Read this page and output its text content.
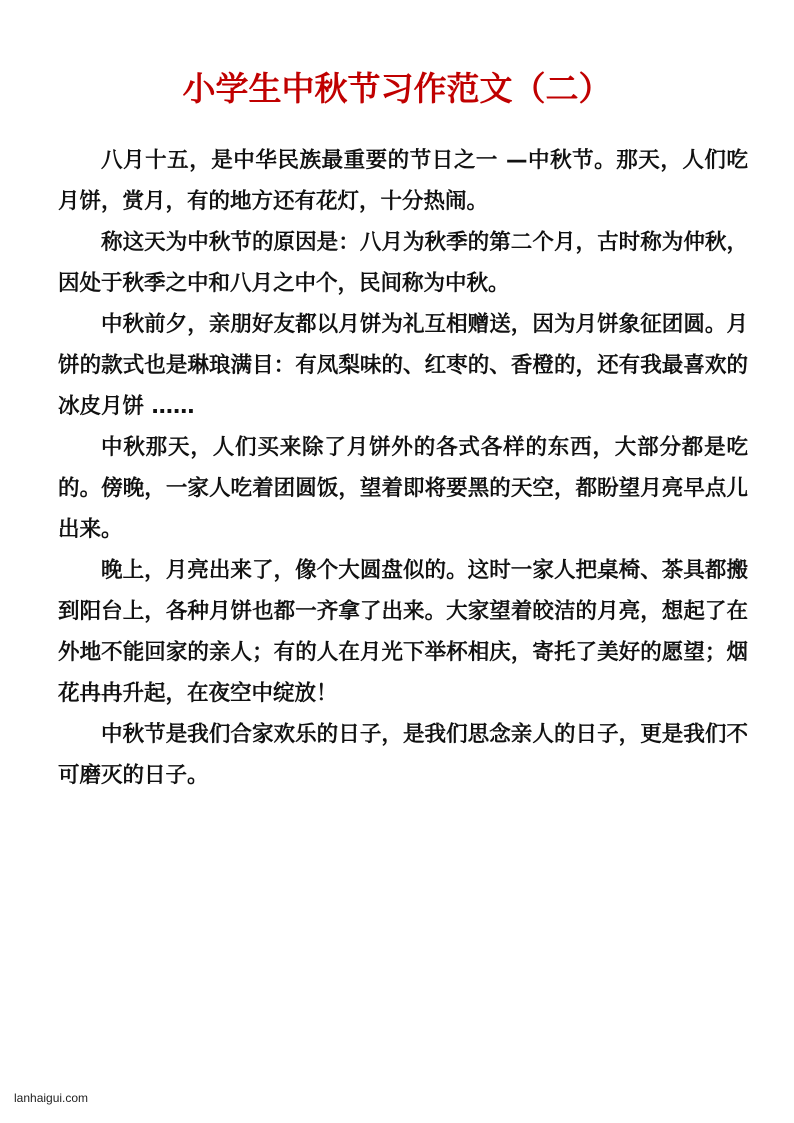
小学生中秋节习作范文（二）

八月十五，是中华民族最重要的节日之一 —中秋节。那天，人们吃月饼，赏月，有的地方还有花灯，十分热闹。

称这天为中秋节的原因是：八月为秋季的第二个月，古时称为仲秋，因处于秋季之中和八月之中个，民间称为中秋。

中秋前夕，亲朋好友都以月饼为礼互相赠送，因为月饼象征团圆。月饼的款式也是琳琅满目：有凤梨味的、红枣的、香橙的，还有我最喜欢的冰皮月饼 ……

中秋那天，人们买来除了月饼外的各式各样的东西，大部分都是吃的。傍晚，一家人吃着团圆饭，望着即将要黑的天空，都盼望月亮早点儿出来。

晚上，月亮出来了，像个大圆盘似的。这时一家人把桌椅、茶具都搬到阳台上，各种月饼也都一齐拿了出来。大家望着皎洁的月亮，想起了在外地不能回家的亲人；有的人在月光下举杯相庆，寄托了美好的愿望；烟花冉冉升起，在夜空中绽放！

中秋节是我们合家欢乐的日子，是我们思念亲人的日子，更是我们不可磨灭的日子。

lanhaigui.com
